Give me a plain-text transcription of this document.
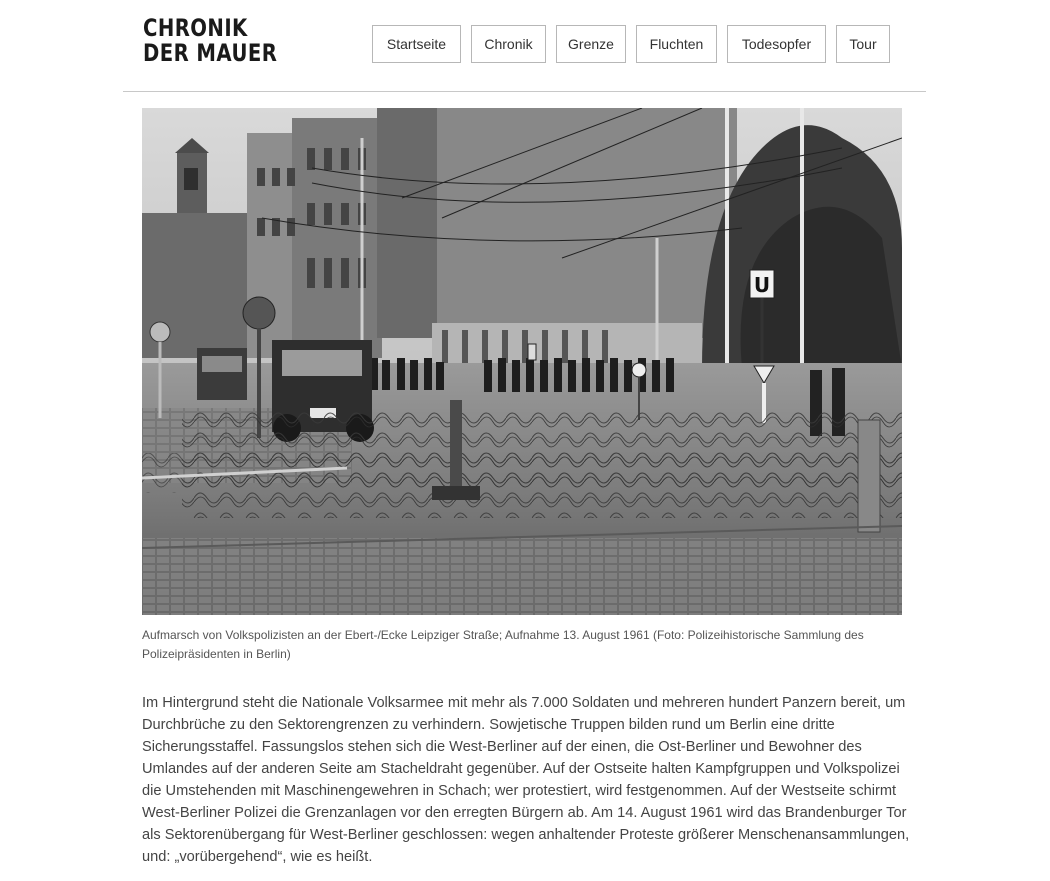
CHRONIK
DER MAUER	Startseite	Chronik	Grenze	Fluchten	Todesopfer	Tour
U

Aufmarsch von Volkspolizisten an der Ebert-/Ecke Leipziger Straße; Aufnahme 13. August 1961 (Foto: Polizeihistorische Sammlung des Polizeipräsidenten in Berlin)

Im Hintergrund steht die Nationale Volksarmee mit mehr als 7.000 Soldaten und mehreren hundert Panzern bereit, um Durchbrüche zu den Sektorengrenzen zu verhindern. Sowjetische Truppen bilden rund um Berlin eine dritte Sicherungsstaffel. Fassungslos stehen sich die West-Berliner auf der einen, die Ost-Berliner und Bewohner des Umlandes auf der anderen Seite am Stacheldraht gegenüber. Auf der Ostseite halten Kampfgruppen und Volkspolizei die Umstehenden mit Maschinengewehren in Schach; wer protestiert, wird festgenommen. Auf der Westseite schirmt West-Berliner Polizei die Grenzanlagen vor den erregten Bürgern ab. Am 14. August 1961 wird das Brandenburger Tor als Sektorenübergang für West-Berliner geschlossen: wegen anhaltender Proteste größerer Menschenansammlungen, und: „vorübergehend“, wie es heißt.
